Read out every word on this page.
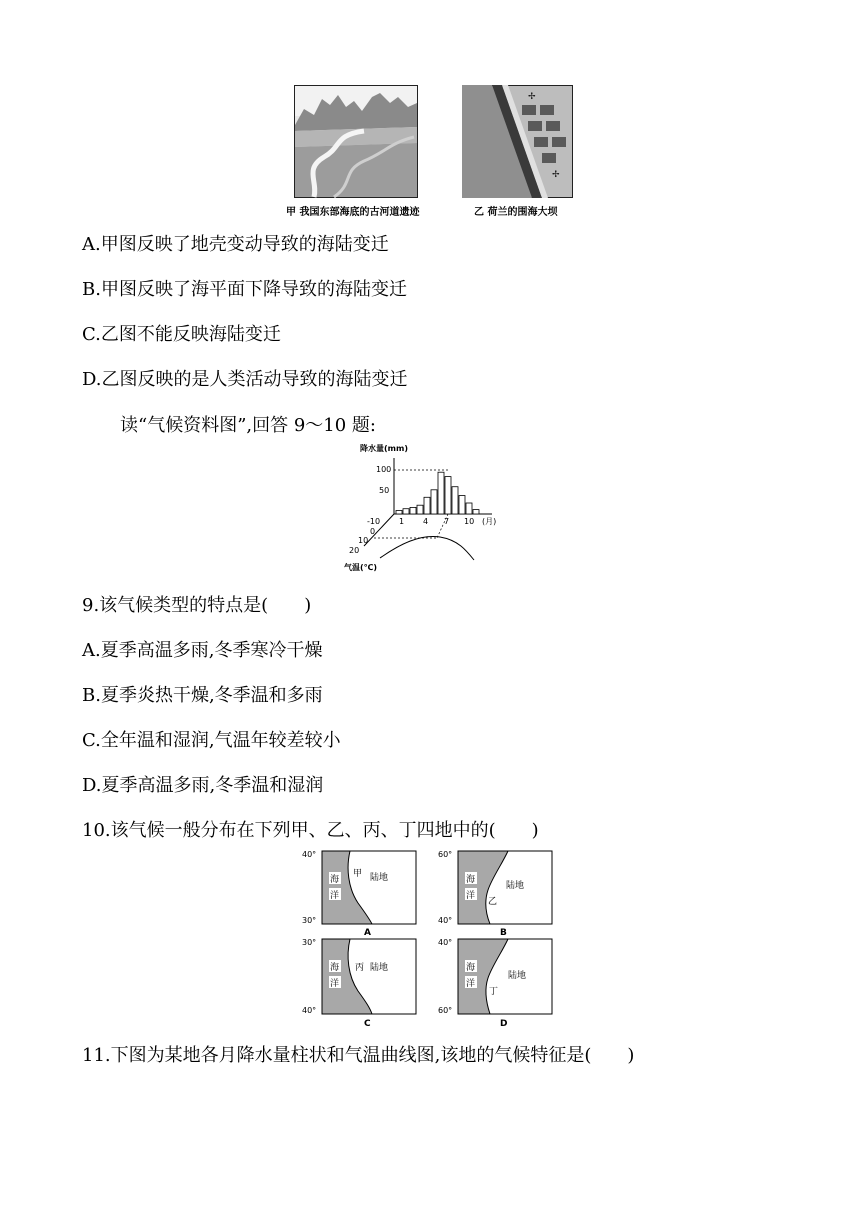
甲 我国东部海底的古河道遗迹
✢
✢
乙 荷兰的围海大坝
A.甲图反映了地壳变动导致的海陆变迁
B.甲图反映了海平面下降导致的海陆变迁
C.乙图不能反映海陆变迁
D.乙图反映的是人类活动导致的海陆变迁
读“气候资料图”,回答 9～10 题:
降水量(mm)
100
50
-10
0
10
20
1 4 7 10 (月)
气温(℃)
9.该气候类型的特点是(　　)
A.夏季高温多雨,冬季寒冷干燥
B.夏季炎热干燥,冬季温和多雨
C.全年温和湿润,气温年较差较小
D.夏季高温多雨,冬季温和湿润
10.该气候一般分布在下列甲、乙、丙、丁四地中的(　　)
40°
30°
海
洋
甲 陆地
A
60°
40°
海
洋
乙
陆地
B
30°
40°
海
洋
丙 陆地
C
40°
60°
海
洋
丁
陆地
D
11.下图为某地各月降水量柱状和气温曲线图,该地的气候特征是(　　)
